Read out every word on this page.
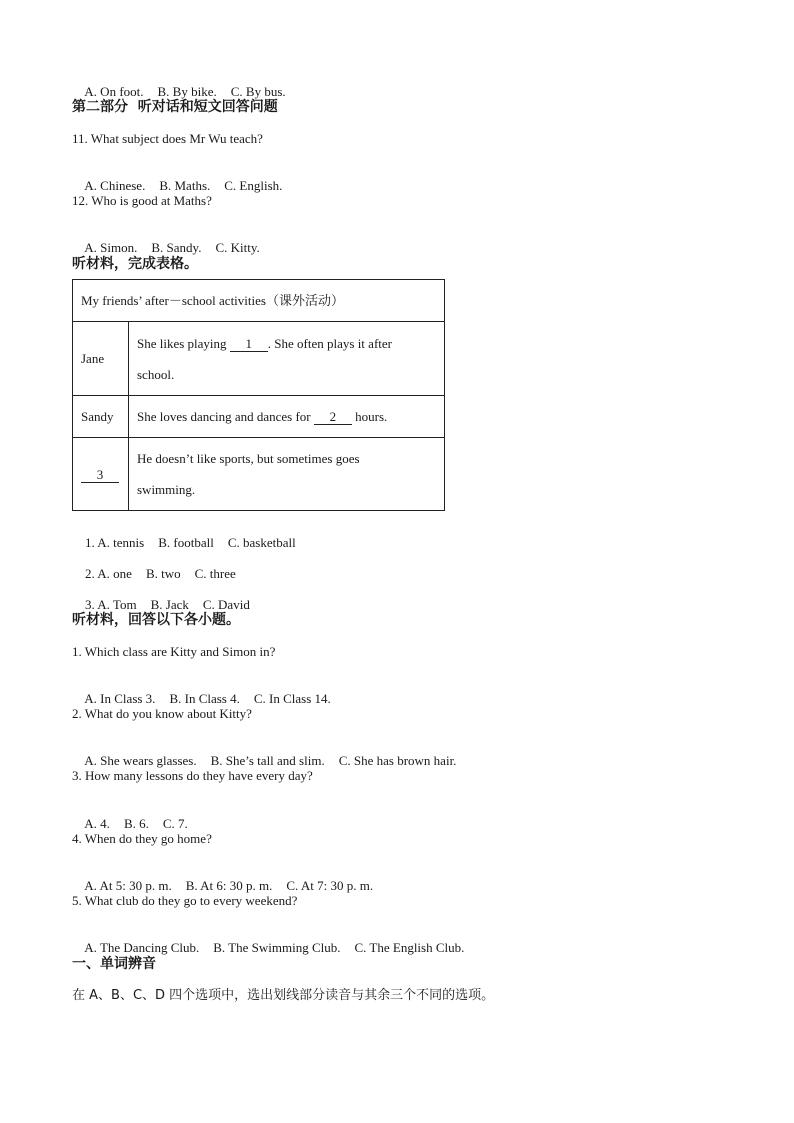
A. On foot. B. By bike. C. By bus.

第二部分  听对话和短文回答问题
11. What subject does Mr Wu teach?

A. Chinese. B. Maths. C. English.

12. Who is good at Maths?

A. Simon. B. Sandy. C. Kitty.

听材料，完成表格。
My friends’ after－school activities（课外活动）	
Jane	She likes playing 1 . She often plays it after
school.
Sandy	She loves dancing and dances for 2 hours.
3	He doesn’t like sports, but sometimes goes
swimming.

1. A. tennis B. football C. basketball

2. A. one B. two C. three

3. A. Tom B. Jack C. David

听材料，回答以下各小题。
1. Which class are Kitty and Simon in?

A. In Class 3. B. In Class 4. C. In Class 14.

2. What do you know about Kitty?

A. She wears glasses. B. She’s tall and slim. C. She has brown hair.

3. How many lessons do they have every day?

A. 4. B. 6. C. 7.

4. When do they go home?

A. At 5: 30 p. m. B. At 6: 30 p. m. C. At 7: 30 p. m.

5. What club do they go to every weekend?

A. The Dancing Club. B. The Swimming Club. C. The English Club.

一、单词辨音
在 A、B、C、D 四个选项中，选出划线部分读音与其余三个不同的选项。
